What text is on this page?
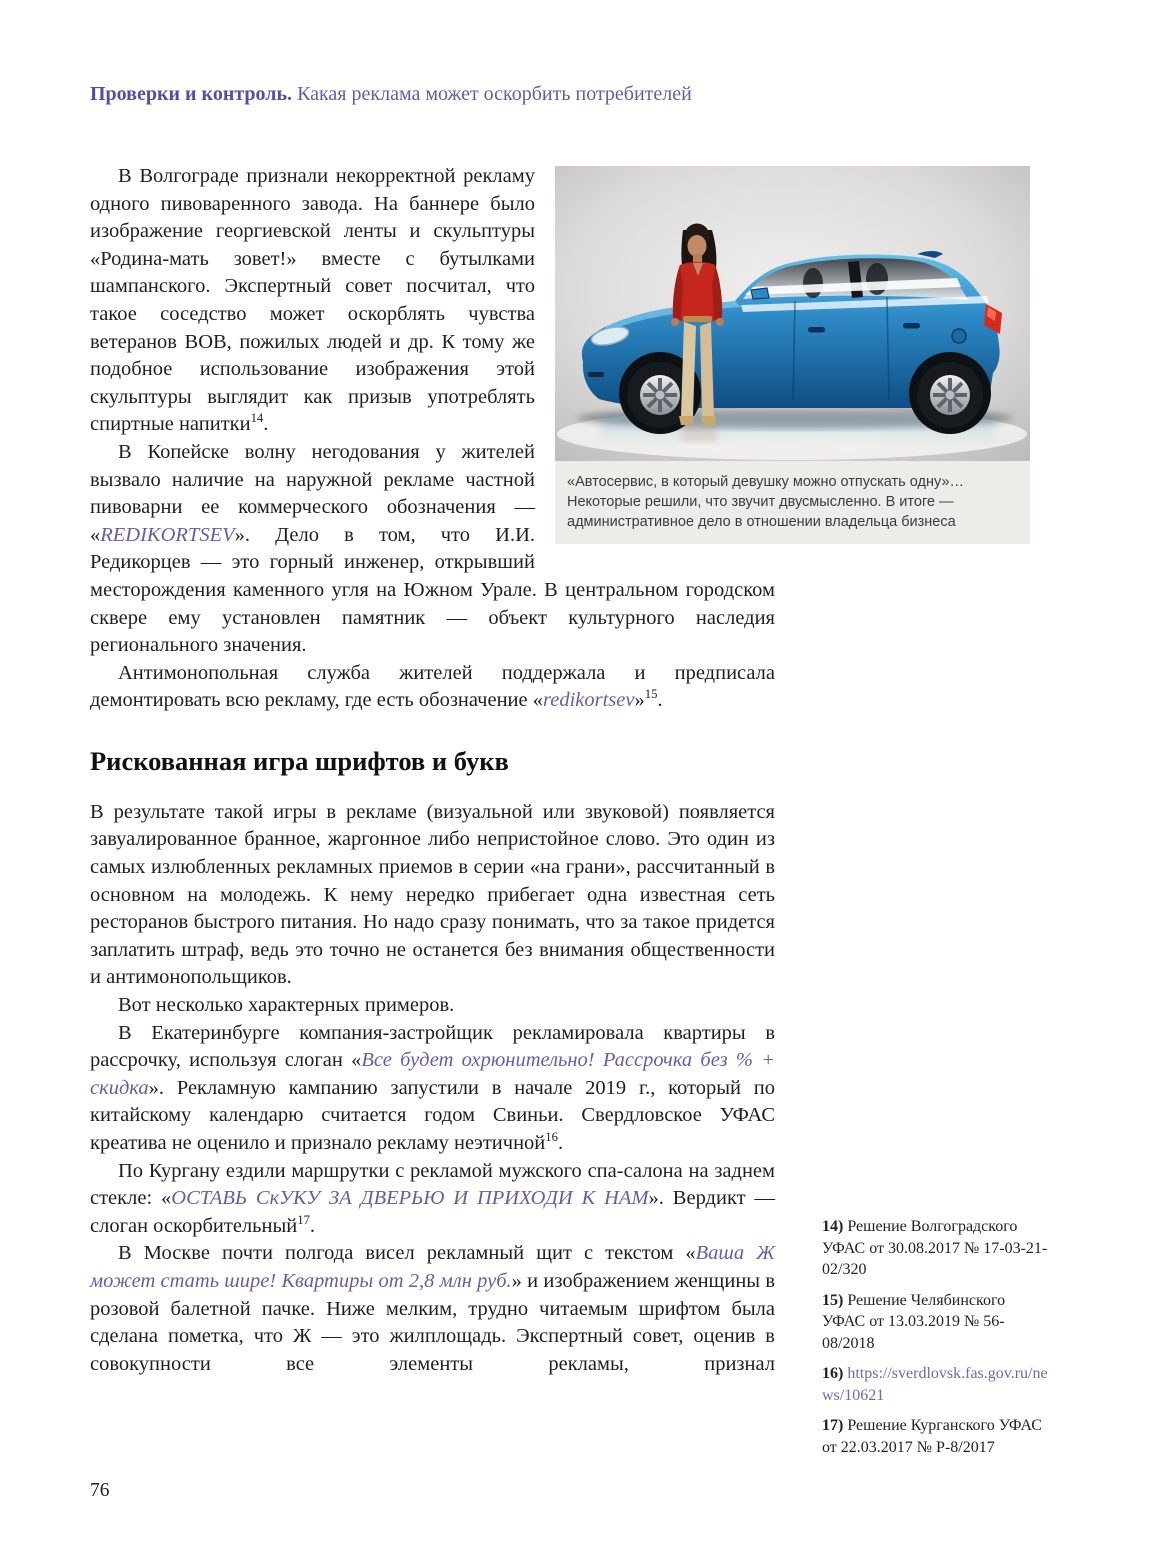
Проверки и контроль. Какая реклама может оскорбить потребителей
«Автосервис, в который девушку можно отпускать одну»… Некоторые решили, что звучит двусмысленно. В итоге — административное дело в отношении владельца бизнеса

В Волгограде признали некорректной рекламу одного пивоваренного завода. На баннере было изображение георгиевской ленты и скульптуры «Родина-мать зовет!» вместе с бутылками шампанского. Экспертный совет посчитал, что такое соседство может оскорблять чувства ветеранов ВОВ, пожилых людей и др. К тому же подобное использование изображения этой скульптуры выглядит как призыв употреблять спиртные напитки$^{14}$.

В Копейске волну негодования у жителей вызвало наличие на наружной рекламе частной пивоварни ее коммерческого обозначения — «REDIKORTSEV». Дело в том, что И.И. Редикорцев — это горный инженер, открывший месторождения каменного угля на Южном Урале. В центральном городском сквере ему установлен памятник — объект культурного наследия регионального значения.

Антимонопольная служба жителей поддержала и предписала демонтировать всю рекламу, где есть обозначение «redikortsev»$^{15}$.

Рискованная игра шрифтов и букв

В результате такой игры в рекламе (визуальной или звуковой) появляется завуалированное бранное, жаргонное либо непристойное слово. Это один из самых излюбленных рекламных приемов в серии «на грани», рассчитанный в основном на молодежь. К нему нередко прибегает одна известная сеть ресторанов быстрого питания. Но надо сразу понимать, что за такое придется заплатить штраф, ведь это точно не останется без внимания общественности и антимонопольщиков.

Вот несколько характерных примеров.

В Екатеринбурге компания-застройщик рекламировала квартиры в рассрочку, используя слоган «Все будет охрюнительно! Рассрочка без % + скидка». Рекламную кампанию запустили в начале 2019 г., который по китайскому календарю считается годом Свиньи. Свердловское УФАС креатива не оценило и признало рекламу неэтичной$^{16}$.

По Кургану ездили маршрутки с рекламой мужского спа-салона на заднем стекле: «ОСТАВЬ СкУКУ ЗА ДВЕРЬЮ И ПРИХОДИ К НАМ». Вердикт — слоган оскорбительный$^{17}$.

В Москве почти полгода висел рекламный щит с текстом «Ваша Ж может стать шире! Квартиры от 2,8 млн руб.» и изображением женщины в розовой балетной пачке. Ниже мелким, трудно читаемым шрифтом была сделана пометка, что Ж — это жилплощадь. Экспертный совет, оценив в совокупности все элементы рекламы, признал

14) Решение Волгоградского УФАС от 30.08.2017 № 17-03-21-02/320

15) Решение Челябинского УФАС от 13.03.2019 № 56-08/2018

16) https://sverdlovsk.fas.gov.ru/news/10621

17) Решение Курганского УФАС от 22.03.2017 № Р-8/2017

76
